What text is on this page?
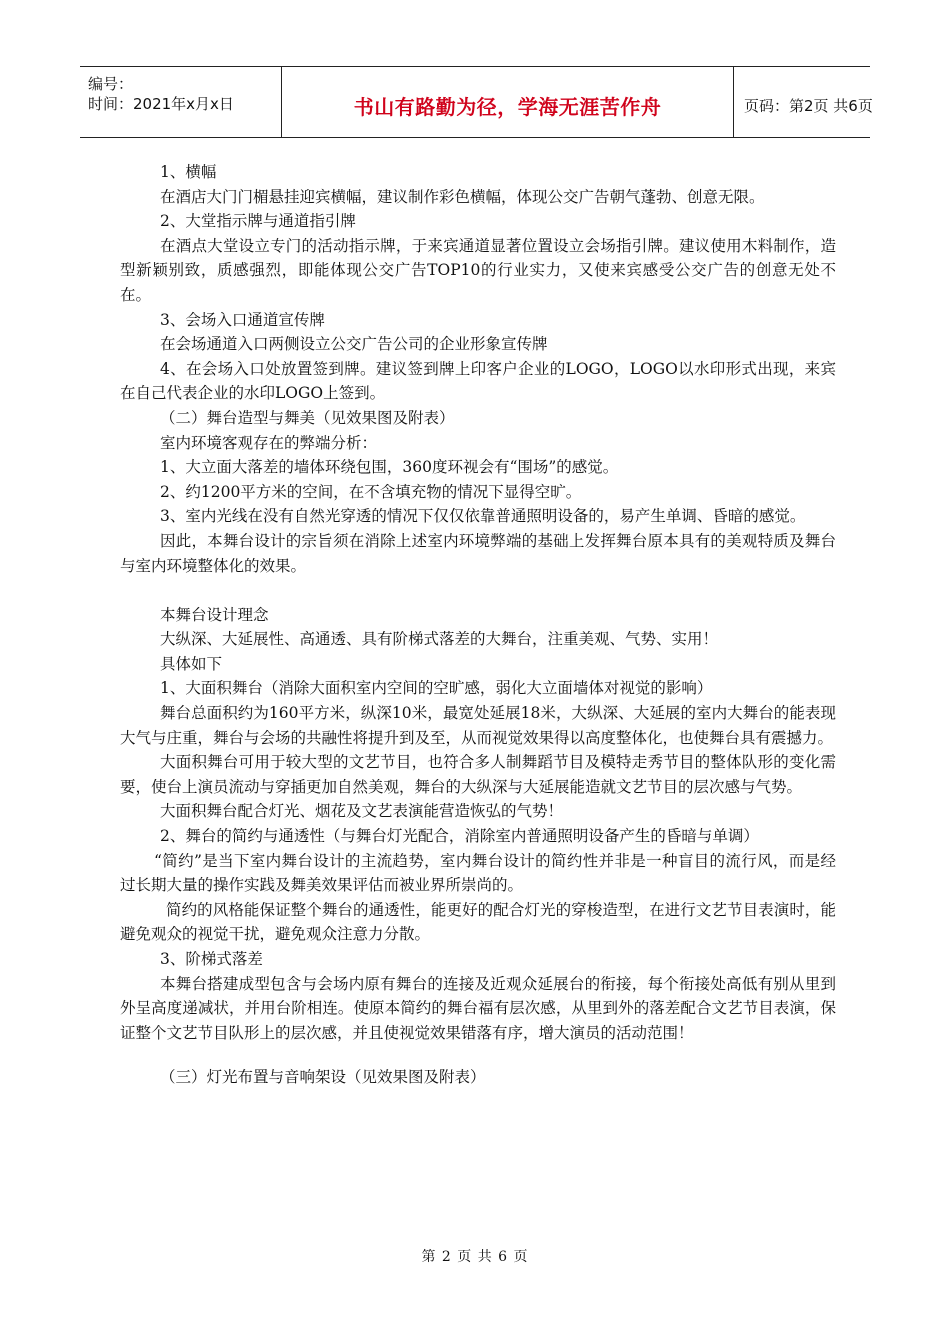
编号：
时间：2021年x月x日	书山有路勤为径，学海无涯苦作舟	页码：第2页 共6页

1、横幅

在酒店大门门楣悬挂迎宾横幅，建议制作彩色横幅，体现公交广告朝气蓬勃、创意无限。

2、大堂指示牌与通道指引牌

在酒点大堂设立专门的活动指示牌，于来宾通道显著位置设立会场指引牌。建议使用木料制作，造型新颖别致，质感强烈，即能体现公交广告TOP10的行业实力，又使来宾感受公交广告的创意无处不在。

3、会场入口通道宣传牌

在会场通道入口两侧设立公交广告公司的企业形象宣传牌

4、在会场入口处放置签到牌。建议签到牌上印客户企业的LOGO，LOGO以水印形式出现，来宾在自己代表企业的水印LOGO上签到。

（二）舞台造型与舞美（见效果图及附表）

室内环境客观存在的弊端分析：

1、大立面大落差的墙体环绕包围，360度环视会有“围场”的感觉。

2、约1200平方米的空间，在不含填充物的情况下显得空旷。

3、室内光线在没有自然光穿透的情况下仅仅依靠普通照明设备的，易产生单调、昏暗的感觉。

因此，本舞台设计的宗旨须在消除上述室内环境弊端的基础上发挥舞台原本具有的美观特质及舞台与室内环境整体化的效果。

本舞台设计理念

大纵深、大延展性、高通透、具有阶梯式落差的大舞台，注重美观、气势、实用！

具体如下

1、大面积舞台（消除大面积室内空间的空旷感，弱化大立面墙体对视觉的影响）

舞台总面积约为160平方米，纵深10米，最宽处延展18米，大纵深、大延展的室内大舞台的能表现大气与庄重，舞台与会场的共融性将提升到及至，从而视觉效果得以高度整体化，也使舞台具有震撼力。

大面积舞台可用于较大型的文艺节目，也符合多人制舞蹈节目及模特走秀节目的整体队形的变化需要，使台上演员流动与穿插更加自然美观，舞台的大纵深与大延展能造就文艺节目的层次感与气势。

大面积舞台配合灯光、烟花及文艺表演能营造恢弘的气势！

2、舞台的简约与通透性（与舞台灯光配合，消除室内普通照明设备产生的昏暗与单调）

“简约”是当下室内舞台设计的主流趋势，室内舞台设计的简约性并非是一种盲目的流行风，而是经过长期大量的操作实践及舞美效果评估而被业界所崇尚的。

简约的风格能保证整个舞台的通透性，能更好的配合灯光的穿梭造型，在进行文艺节目表演时，能避免观众的视觉干扰，避免观众注意力分散。

3、阶梯式落差

本舞台搭建成型包含与会场内原有舞台的连接及近观众延展台的衔接，每个衔接处高低有别从里到外呈高度递减状，并用台阶相连。使原本简约的舞台福有层次感，从里到外的落差配合文艺节目表演，保证整个文艺节目队形上的层次感，并且使视觉效果错落有序，增大演员的活动范围！

（三）灯光布置与音响架设（见效果图及附表）

第 2 页 共 6 页
